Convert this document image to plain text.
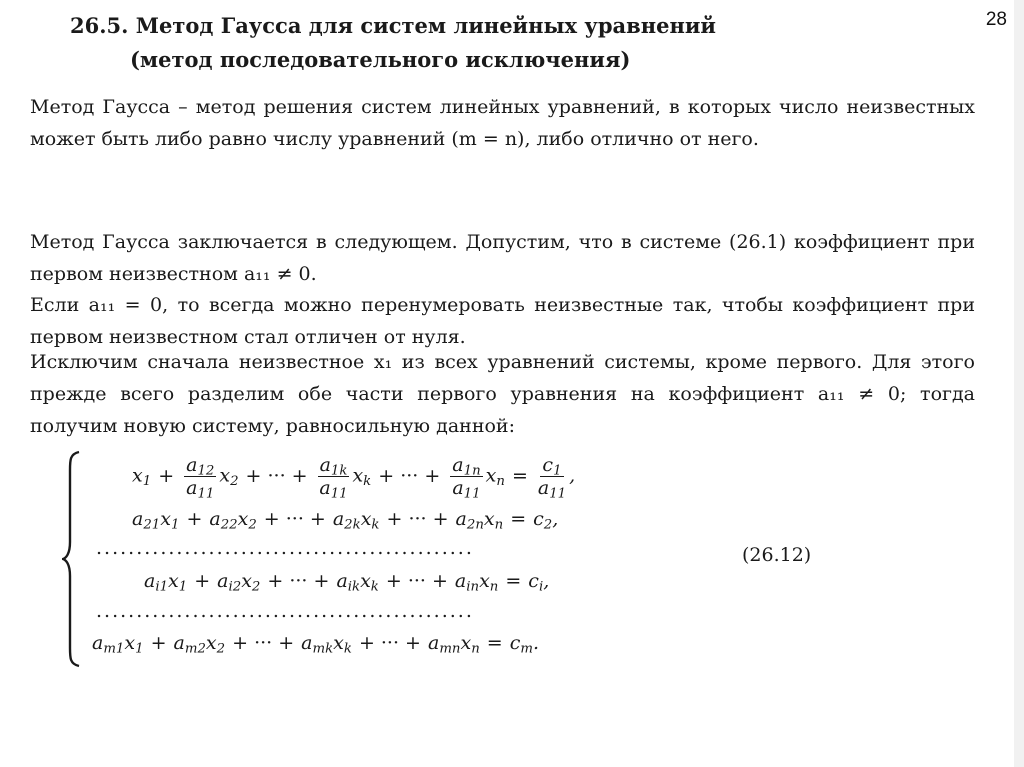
28
26.5. Метод Гаусса для систем линейных уравнений
(метод последовательного исключения)

Метод Гаусса – метод решения систем линейных уравнений, в которых число неизвестных может быть либо равно числу уравнений (m = n), либо отлично от него.

Метод Гаусса заключается в следующем. Допустим, что в системе (26.1) коэффициент при первом неизвестном a₁₁ ≠ 0.

Если a₁₁ = 0, то всегда можно перенумеровать неизвестные так, чтобы коэффициент при первом неизвестном стал отличен от нуля.

Исключим сначала неизвестное x₁ из всех уравнений системы, кроме первого. Для этого прежде всего разделим обе части первого уравнения на коэффициент a₁₁ ≠ 0; тогда получим новую систему, равносильную данной:

$x_1 + \frac{a_{12}}{a_{11}} x_2$ + ··· + $\frac{a_{1k}}{a_{11}} x_k$ + ··· + $\frac{a_{1n}}{a_{11}} x_n = \frac{c_1}{a_{11}}$ ,
$a_{21}x_1 + a_{22}x_2$ + ··· + $a_{2k}x_k$ + ··· + $a_{2n}x_n = c_2$,
...............................................
$a_{i1}x_1 + a_{i2}x_2$ + ··· + $a_{ik}x_k$ + ··· + $a_{in}x_n = c_i$,
...............................................
$a_{m1}x_1 + a_{m2}x_2$ + ··· + $a_{mk}x_k$ + ··· + $a_{mn}x_n = c_m$.
(26.12)
